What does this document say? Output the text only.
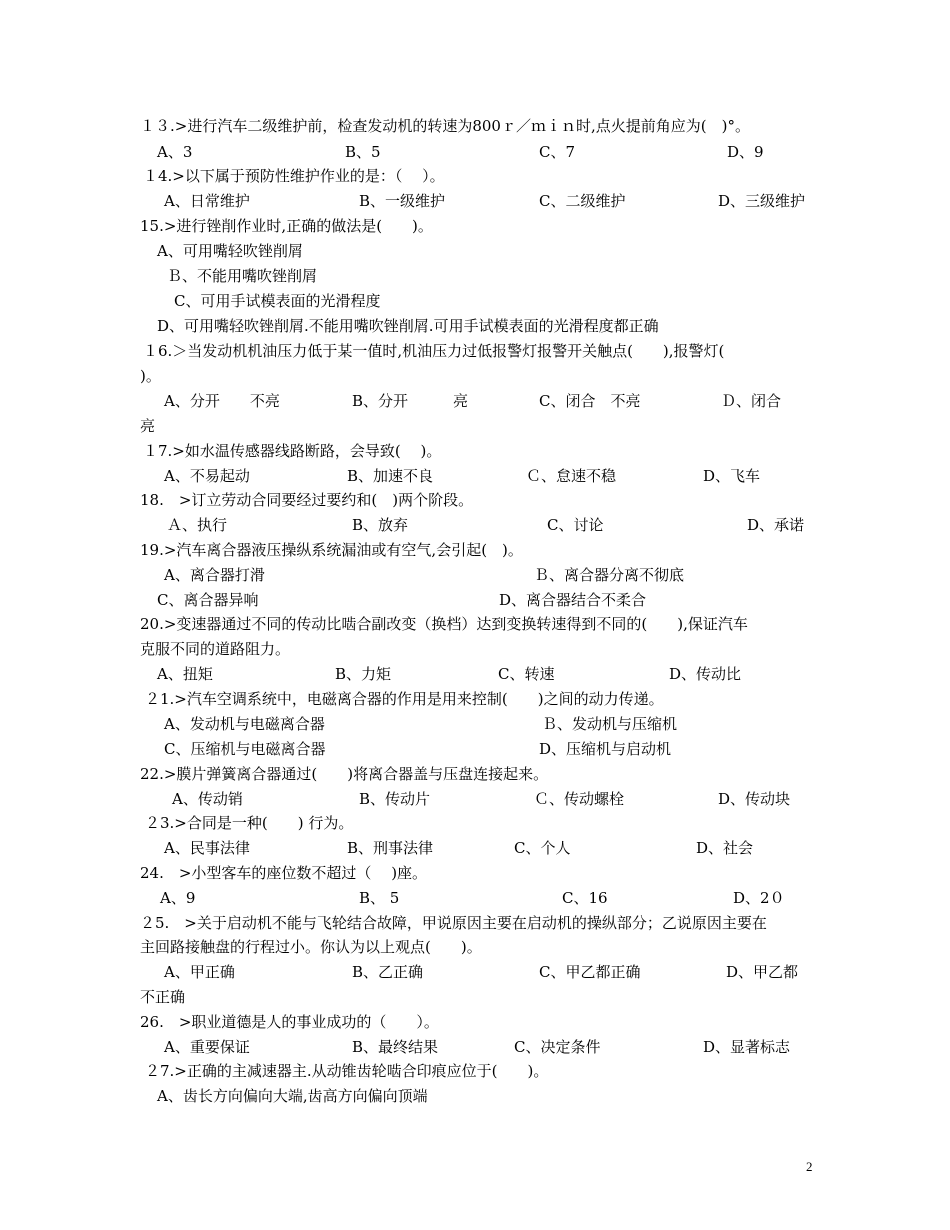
１３.>进行汽车二级维护前，检查发动机的转速为800ｒ／ｍｉｎ时,点火提前角应为(　)°。
A、3	B、5	C、7	D、9
１4.>以下属于预防性维护作业的是：（　 ）。
A、日常维护	B、一级维护	C、二级维护	D、三级维护
15.>进行锉削作业时,正确的做法是(　　)。
A、可用嘴轻吹锉削屑
Ｂ、不能用嘴吹锉削屑
C、可用手试模表面的光滑程度
D、可用嘴轻吹锉削屑.不能用嘴吹锉削屑.可用手试模表面的光滑程度都正确
１6.＞当发动机机油压力低于某一值时,机油压力过低报警灯报警开关触点(　　),报警灯(
)。
A、分开　　不亮	B、分开　　　亮	C、闭合　不亮	Ｄ、闭合
亮
１7.>如水温传感器线路断路，会导致(　 )。
A、不易起动	B、加速不良	Ｃ、怠速不稳	D、飞车
18.　>订立劳动合同要经过要约和(　)两个阶段。
Ａ、执行	B、放弃	C、讨论	D、承诺
19.>汽车离合器液压操纵系统漏油或有空气,会引起(　)。
A、离合器打滑	Ｂ、离合器分离不彻底
C、离合器异响	D、离合器结合不柔合
20.>变速器通过不同的传动比啮合副改变（换档）达到变换转速得到不同的(　　),保证汽车
克服不同的道路阻力。
A、扭矩	B、力矩	C、转速	D、传动比
２1.>汽车空调系统中，电磁离合器的作用是用来控制(　　)之间的动力传递。
A、发动机与电磁离合器	Ｂ、发动机与压缩机
C、压缩机与电磁离合器	D、压缩机与启动机
22.>膜片弹簧离合器通过(　　)将离合器盖与压盘连接起来。
A、传动销	B、传动片	Ｃ、传动螺栓	D、传动块
２3.>合同是一种(　　) 行为。
A、民事法律	B、刑事法律	C、个人	D、社会
24.　>小型客车的座位数不超过（　 )座。
A、9	B、 5	C、16	D、2０
２5.　>关于启动机不能与飞轮结合故障，甲说原因主要在启动机的操纵部分；乙说原因主要在
主回路接触盘的行程过小。你认为以上观点(　　)。
A、甲正确	B、乙正确	C、甲乙都正确	D、甲乙都
不正确
26.　>职业道德是人的事业成功的（　　）。
A、重要保证	B、最终结果	C、决定条件	D、显著标志
２7.>正确的主减速器主.从动锥齿轮啮合印痕应位于(　　)。
A、齿长方向偏向大端,齿高方向偏向顶端
2
